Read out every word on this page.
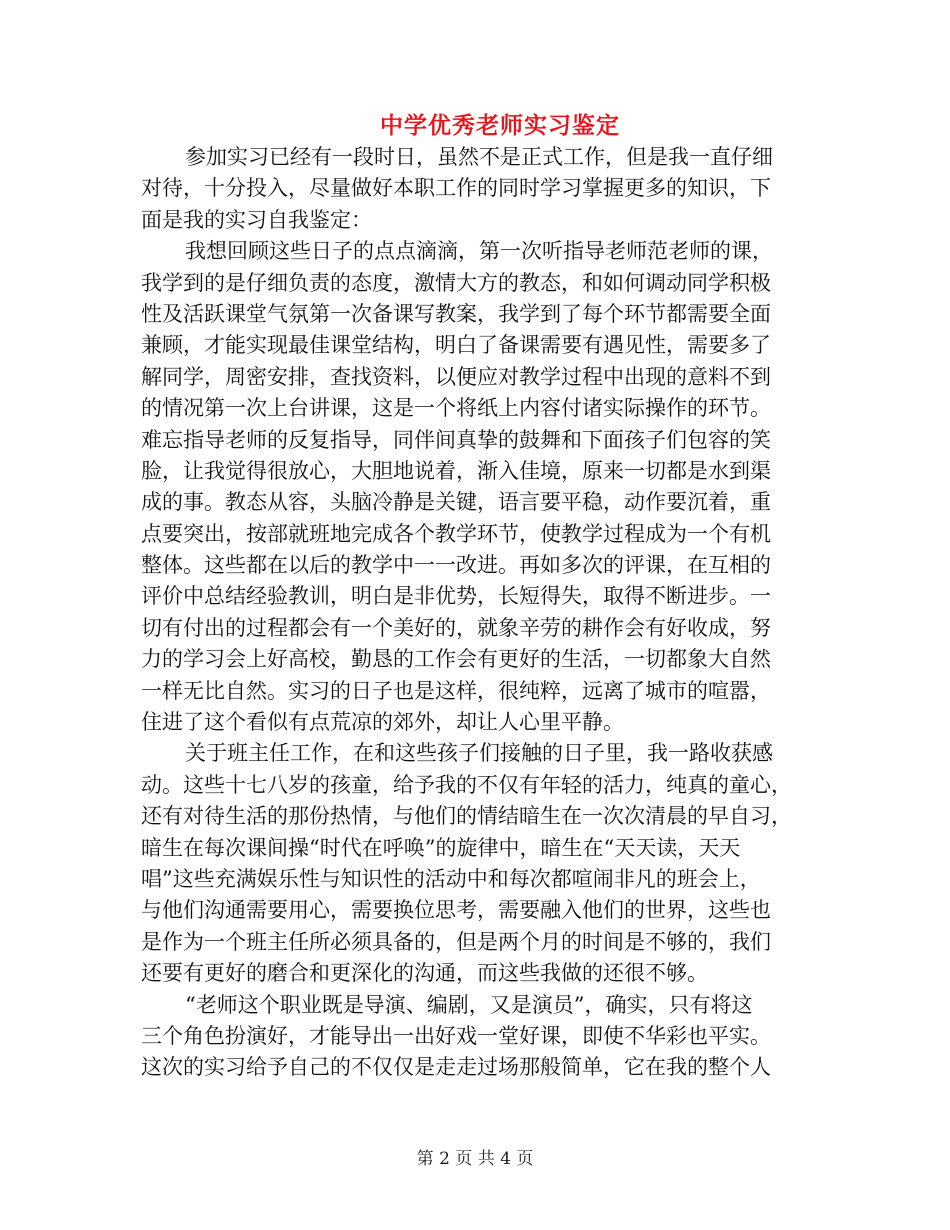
中学优秀老师实习鉴定
参加实习已经有一段时日，虽然不是正式工作，但是我一直仔细
对待，十分投入，尽量做好本职工作的同时学习掌握更多的知识，下
面是我的实习自我鉴定：
我想回顾这些日子的点点滴滴，第一次听指导老师范老师的课，
我学到的是仔细负责的态度，激情大方的教态，和如何调动同学积极
性及活跃课堂气氛第一次备课写教案，我学到了每个环节都需要全面
兼顾，才能实现最佳课堂结构，明白了备课需要有遇见性，需要多了
解同学，周密安排，查找资料，以便应对教学过程中出现的意料不到
的情况第一次上台讲课，这是一个将纸上内容付诸实际操作的环节。
难忘指导老师的反复指导，同伴间真挚的鼓舞和下面孩子们包容的笑
脸，让我觉得很放心，大胆地说着，渐入佳境，原来一切都是水到渠
成的事。教态从容，头脑冷静是关键，语言要平稳，动作要沉着，重
点要突出，按部就班地完成各个教学环节，使教学过程成为一个有机
整体。这些都在以后的教学中一一改进。再如多次的评课，在互相的
评价中总结经验教训，明白是非优势，长短得失，取得不断进步。一
切有付出的过程都会有一个美好的，就象辛劳的耕作会有好收成，努
力的学习会上好高校，勤恳的工作会有更好的生活，一切都象大自然
一样无比自然。实习的日子也是这样，很纯粹，远离了城市的喧嚣，
住进了这个看似有点荒凉的郊外，却让人心里平静。
关于班主任工作，在和这些孩子们接触的日子里，我一路收获感
动。这些十七八岁的孩童，给予我的不仅有年轻的活力，纯真的童心，
还有对待生活的那份热情，与他们的情结暗生在一次次清晨的早自习，
暗生在每次课间操“时代在呼唤”的旋律中，暗生在“天天读，天天
唱”这些充满娱乐性与知识性的活动中和每次都喧闹非凡的班会上，
与他们沟通需要用心，需要换位思考，需要融入他们的世界，这些也
是作为一个班主任所必须具备的，但是两个月的时间是不够的，我们
还要有更好的磨合和更深化的沟通，而这些我做的还很不够。
“老师这个职业既是导演、编剧，又是演员”，确实，只有将这
三个角色扮演好，才能导出一出好戏一堂好课，即使不华彩也平实。
这次的实习给予自己的不仅仅是走走过场那般简单，它在我的整个人
第 2 页 共 4 页
